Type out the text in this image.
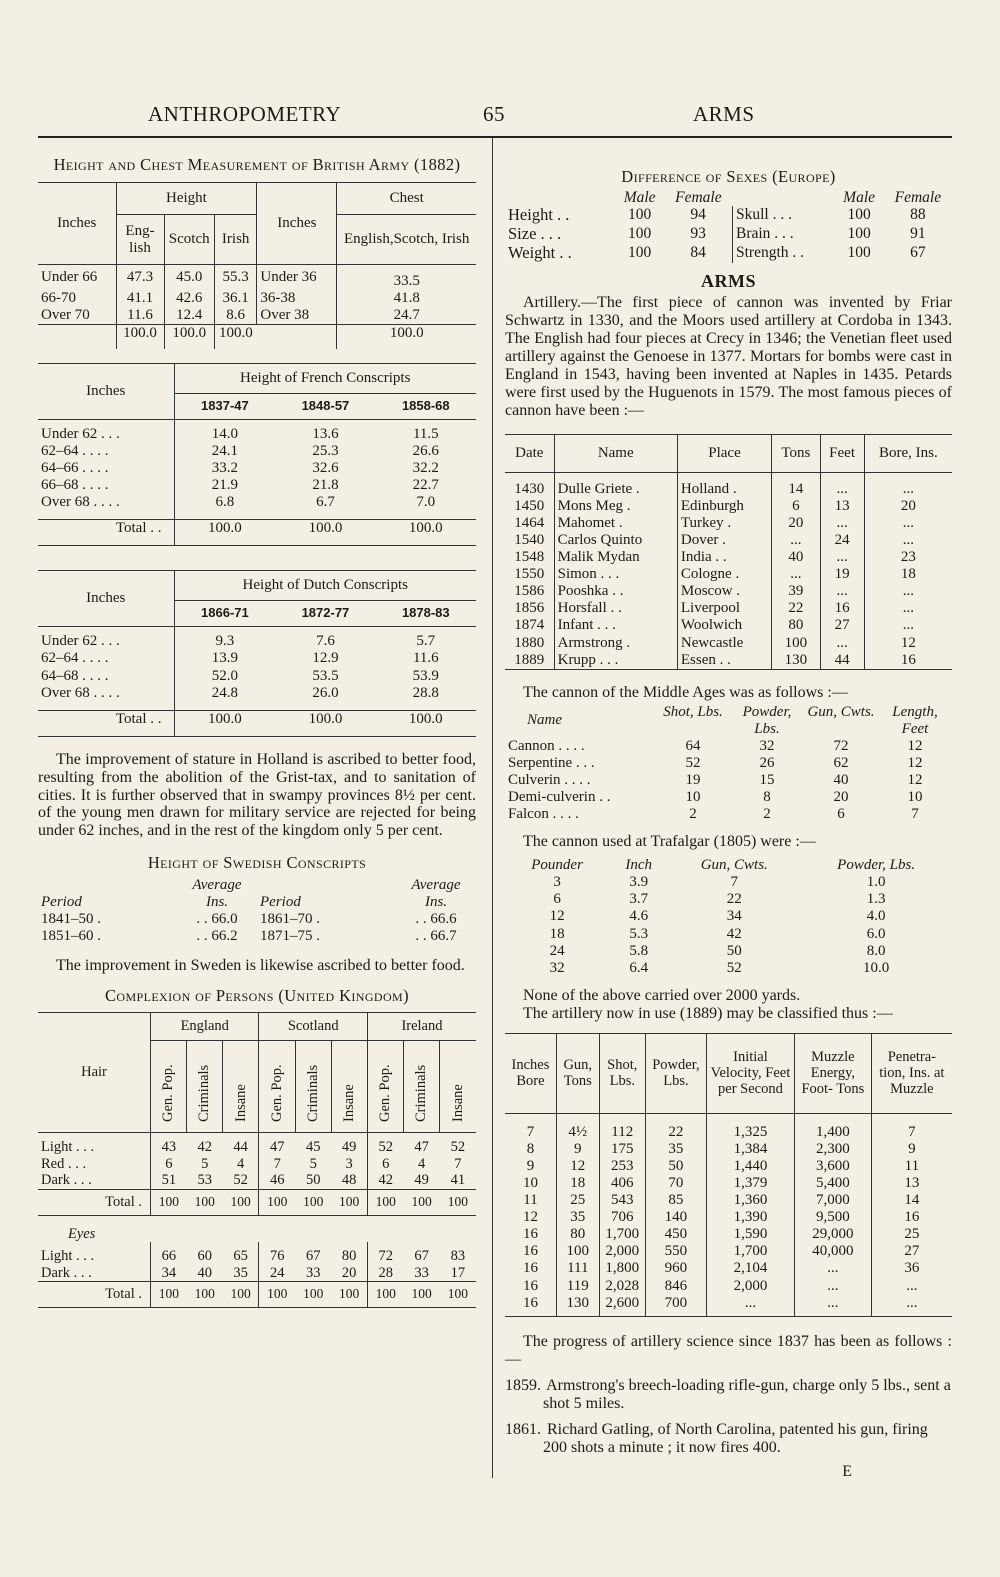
ANTHROPOMETRY	65	ARMS
Height and Chest Measurement of British Army (1882)
Inches	Height			Inches	Chest
	Eng- lish	Scotch	Irish		English,Scotch, Irish
Under 66	47.3	45.0	55.3	Under 36	33.5
66-70	41.1	42.6	36.1	36-38	41.8
Over 70	11.6	12.4	8.6	Over 38	24.7
	100.0	100.0	100.0		100.0
Inches	Height of French Conscripts		
	1837-47	1848-57	1858-68
Under 62 . . .	14.0	13.6	11.5
62–64 . . . .	24.1	25.3	26.6
64–66 . . . .	33.2	32.6	32.2
66–68 . . . .	21.9	21.8	22.7
Over 68 . . . .	6.8	6.7	7.0
Total . .	100.0	100.0	100.0
Inches	Height of Dutch Conscripts		
	1866-71	1872-77	1878-83
Under 62 . . .	9.3	7.6	5.7
62–64 . . . .	13.9	12.9	11.6
64–68 . . . .	52.0	53.5	53.9
Over 68 . . . .	24.8	26.0	28.8
Total . .	100.0	100.0	100.0

The improvement of stature in Holland is ascribed to better food, resulting from the abolition of the Grist-tax, and to sanitation of cities. It is further observed that in swampy provinces 8½ per cent. of the young men drawn for military service are rejected for being under 62 inches, and in the rest of the kingdom only 5 per cent.

Height of Swedish Conscripts
Period	Average Ins.	Period	Average Ins.
1841–50 .	. . 66.0	1861–70 .	. . 66.6
1851–60 .	. . 66.2	1871–75 .	. . 66.7

The improvement in Sweden is likewise ascribed to better food.

Complexion of Persons (United Kingdom)
Hair	England			Scotland			Ireland		
	Gen. Pop.	Criminals	Insane	Gen. Pop.	Criminals	Insane	Gen. Pop.	Criminals	Insane
Light . . .	43	42	44	47	45	49	52	47	52
Red . . .	6	5	4	7	5	3	6	4	7
Dark . . .	51	53	52	46	50	48	42	49	41
Total .	100	100	100	100	100	100	100	100	100
Eyes									
Light . . .	66	60	65	76	67	80	72	67	83
Dark . . .	34	40	35	24	33	20	28	33	17
Total .	100	100	100	100	100	100	100	100	100
Difference of Sexes (Europe)
	Male	Female		Male	Female
Height . .	100	94	Skull . . .	100	88
Size . . .	100	93	Brain . . .	100	91
Weight . .	100	84	Strength . .	100	67
ARMS

Artillery.—The first piece of cannon was invented by Friar Schwartz in 1330, and the Moors used artillery at Cordoba in 1343. The English had four pieces at Crecy in 1346; the Venetian fleet used artillery against the Genoese in 1377. Mortars for bombs were cast in England in 1543, having been invented at Naples in 1435. Petards were first used by the Huguenots in 1579. The most famous pieces of cannon have been :—

Date	Name	Place	Tons	Feet	Bore, Ins.
1430	Dulle Griete .	Holland .	14	...	...
1450	Mons Meg .	Edinburgh	6	13	20
1464	Mahomet .	Turkey .	20	...	...
1540	Carlos Quinto	Dover .	...	24	...
1548	Malik Mydan	India . .	40	...	23
1550	Simon . . .	Cologne .	...	19	18
1586	Pooshka . .	Moscow .	39	...	...
1856	Horsfall . .	Liverpool	22	16	...
1874	Infant . . .	Woolwich	80	27	...
1880	Armstrong .	Newcastle	100	...	12
1889	Krupp . . .	Essen . .	130	44	16

The cannon of the Middle Ages was as follows :—

Name	Shot, Lbs.	Powder, Lbs.	Gun, Cwts.	Length, Feet
Cannon . . . .	64	32	72	12
Serpentine . . .	52	26	62	12
Culverin . . . .	19	15	40	12
Demi-culverin . .	10	8	20	10
Falcon . . . .	2	2	6	7

The cannon used at Trafalgar (1805) were :—

Pounder	Inch	Gun, Cwts.	Powder, Lbs.
3	3.9	7	1.0
6	3.7	22	1.3
12	4.6	34	4.0
18	5.3	42	6.0
24	5.8	50	8.0
32	6.4	52	10.0

None of the above carried over 2000 yards.

The artillery now in use (1889) may be classified thus :—

Inches Bore	Gun, Tons	Shot, Lbs.	Powder, Lbs.	Initial Velocity, Feet per Second	Muzzle Energy, Foot- Tons	Penetra- tion, Ins. at Muzzle
7	4½	112	22	1,325	1,400	7
8	9	175	35	1,384	2,300	9
9	12	253	50	1,440	3,600	11
10	18	406	70	1,379	5,400	13
11	25	543	85	1,360	7,000	14
12	35	706	140	1,390	9,500	16
16	80	1,700	450	1,590	29,000	25
16	100	2,000	550	1,700	40,000	27
16	111	1,800	960	2,104	...	36
16	119	2,028	846	2,000	...	...
16	130	2,600	700	...	...	...

The progress of artillery science since 1837 has been as follows :—

1859. Armstrong's breech-loading rifle-gun, charge only 5 lbs., sent a shot 5 miles.
1861. Richard Gatling, of North Carolina, patented his gun, firing 200 shots a minute ; it now fires 400.
E
